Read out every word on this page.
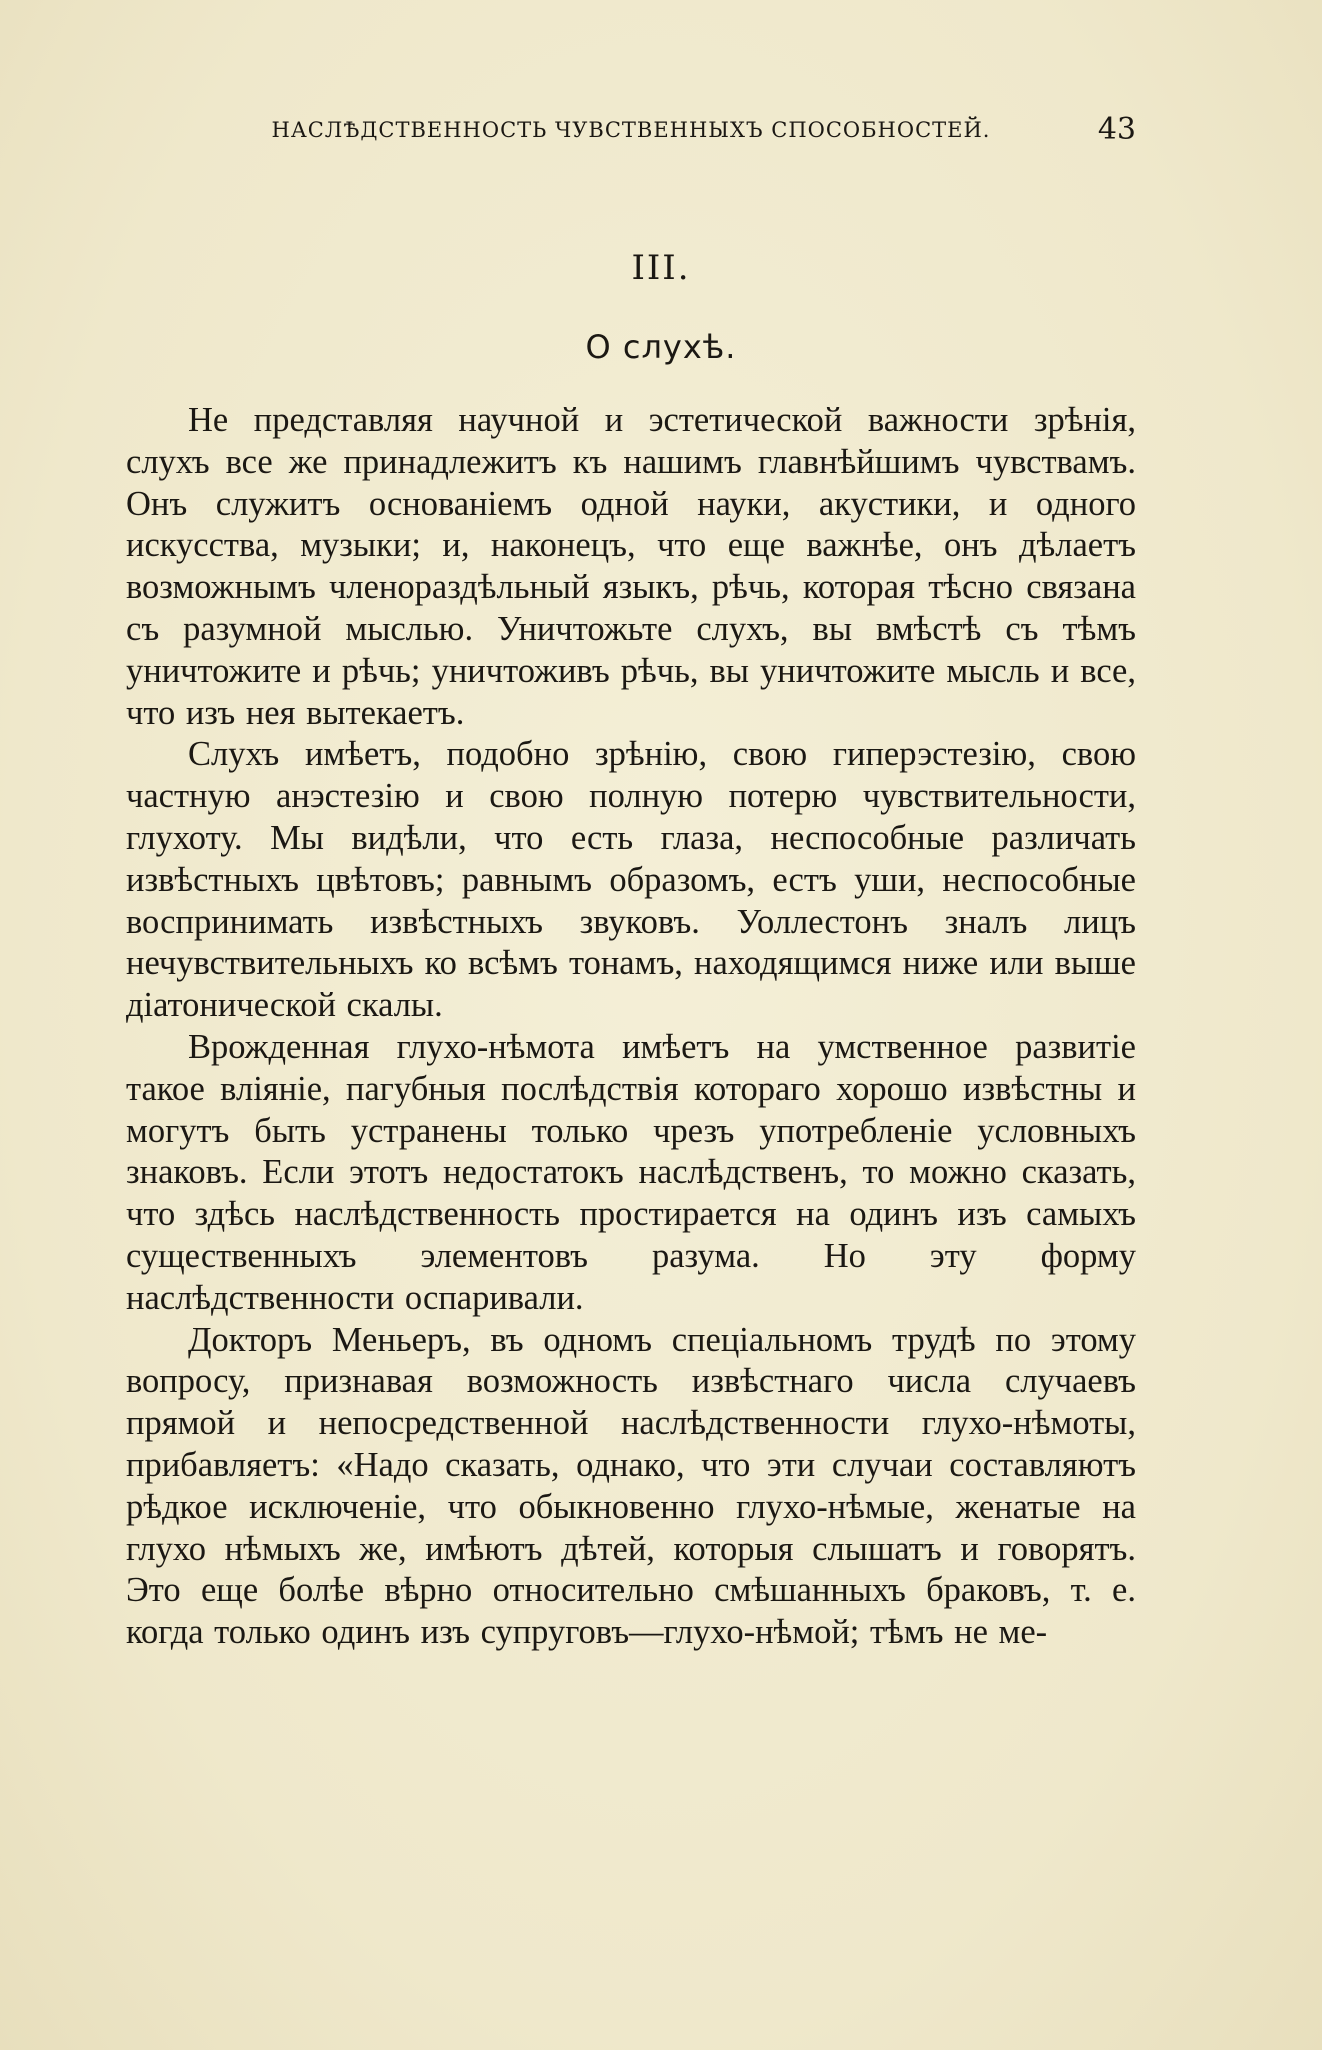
НАСЛѢДСТВЕННОСТЬ ЧУВСТВЕННЫХЪ СПОСОБНОСТЕЙ.	43
III.
О слухѣ.

Не представляя научной и эстетической важности зрѣнія, слухъ все же принадлежитъ къ нашимъ главнѣйшимъ чувствамъ. Онъ служитъ основаніемъ одной науки, акустики, и одного искусства, музыки; и, наконецъ, что еще важнѣе, онъ дѣлаетъ возможнымъ членораздѣльный языкъ, рѣчь, которая тѣсно связана съ разумной мыслью. Уничтожьте слухъ, вы вмѣстѣ съ тѣмъ уничтожите и рѣчь; уничтоживъ рѣчь, вы уничтожите мысль и все, что изъ нея вытекаетъ.

Слухъ имѣетъ, подобно зрѣнію, свою гиперэстезію, свою частную анэстезію и свою полную потерю чувствительности, глухоту. Мы видѣли, что есть глаза, неспособные различать извѣстныхъ цвѣтовъ; равнымъ образомъ, естъ уши, неспособные воспринимать извѣстныхъ звуковъ. Уоллестонъ зналъ лицъ нечувствительныхъ ко всѣмъ тонамъ, находящимся ниже или выше діатонической скалы.

Врожденная глухо-нѣмота имѣетъ на умственное развитіе такое вліяніе, пагубныя послѣдствія котораго хорошо извѣстны и могутъ быть устранены только чрезъ употребленіе условныхъ знаковъ. Если этотъ недостатокъ наслѣдственъ, то можно сказать, что здѣсь наслѣдственность простирается на одинъ изъ самыхъ существенныхъ элементовъ разума. Но эту форму наслѣдственности оспаривали.

Докторъ Меньеръ, въ одномъ спеціальномъ трудѣ по этому вопросу, признавая возможность извѣстнаго числа случаевъ прямой и непосредственной наслѣдственности глухо-нѣмоты, прибавляетъ: «Надо сказать, однако, что эти случаи составляютъ рѣдкое исключеніе, что обыкновенно глухо-нѣмые, женатые на глухо нѣмыхъ же, имѣютъ дѣтей, которыя слышатъ и говорятъ. Это еще болѣе вѣрно относительно смѣшанныхъ браковъ, т. е. когда только одинъ изъ супруговъ—глухо-нѣмой; тѣмъ не ме-
